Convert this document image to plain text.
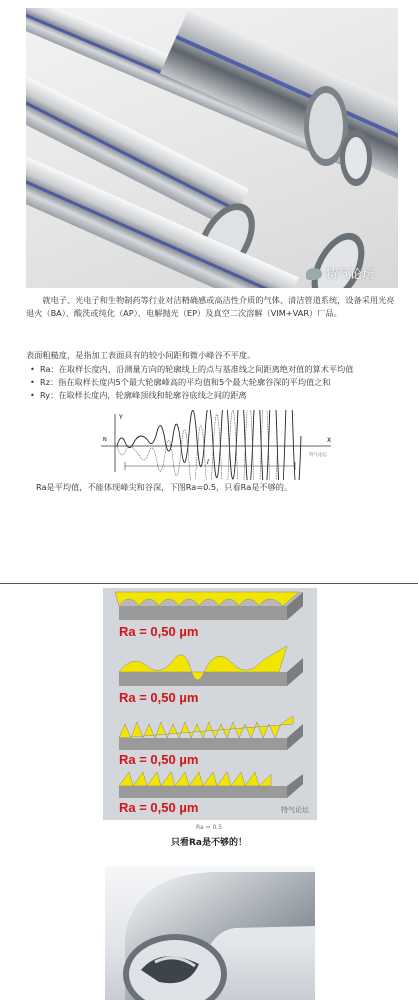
特气论坛
就电子、光电子和生物制药等行业对洁精确感或高洁性介质的气体、清洁管道系统，设备采用光亮退火（BA）、酸洗或纯化（AP）、电解抛光（EP）及真空二次溶解（VIM+VAR）厂品。

表面粗糙度，是指加工表面具有的较小间距和微小峰谷不平度。

• Ra：在取样长度内，沿测量方向的轮廓线上的点与基准线之间距离绝对值的算术平均值
• Rz：指在取样长度内5个最大轮廓峰高的平均值和5个最大轮廓谷深的平均值之和
• Ry：在取样长度内，轮廓峰顶线和轮廓谷底线之间的距离
Y
X
l
N
特气论坛
Ra是平均值，不能体现峰尖和谷深，下图Ra=0.5，只看Ra是不够的。
Ra = 0,50 µm
Ra = 0,50 µm
Ra = 0,50 µm
Ra = 0,50 µm	特气论坛
Ra = 0.5
只看Ra是不够的！
